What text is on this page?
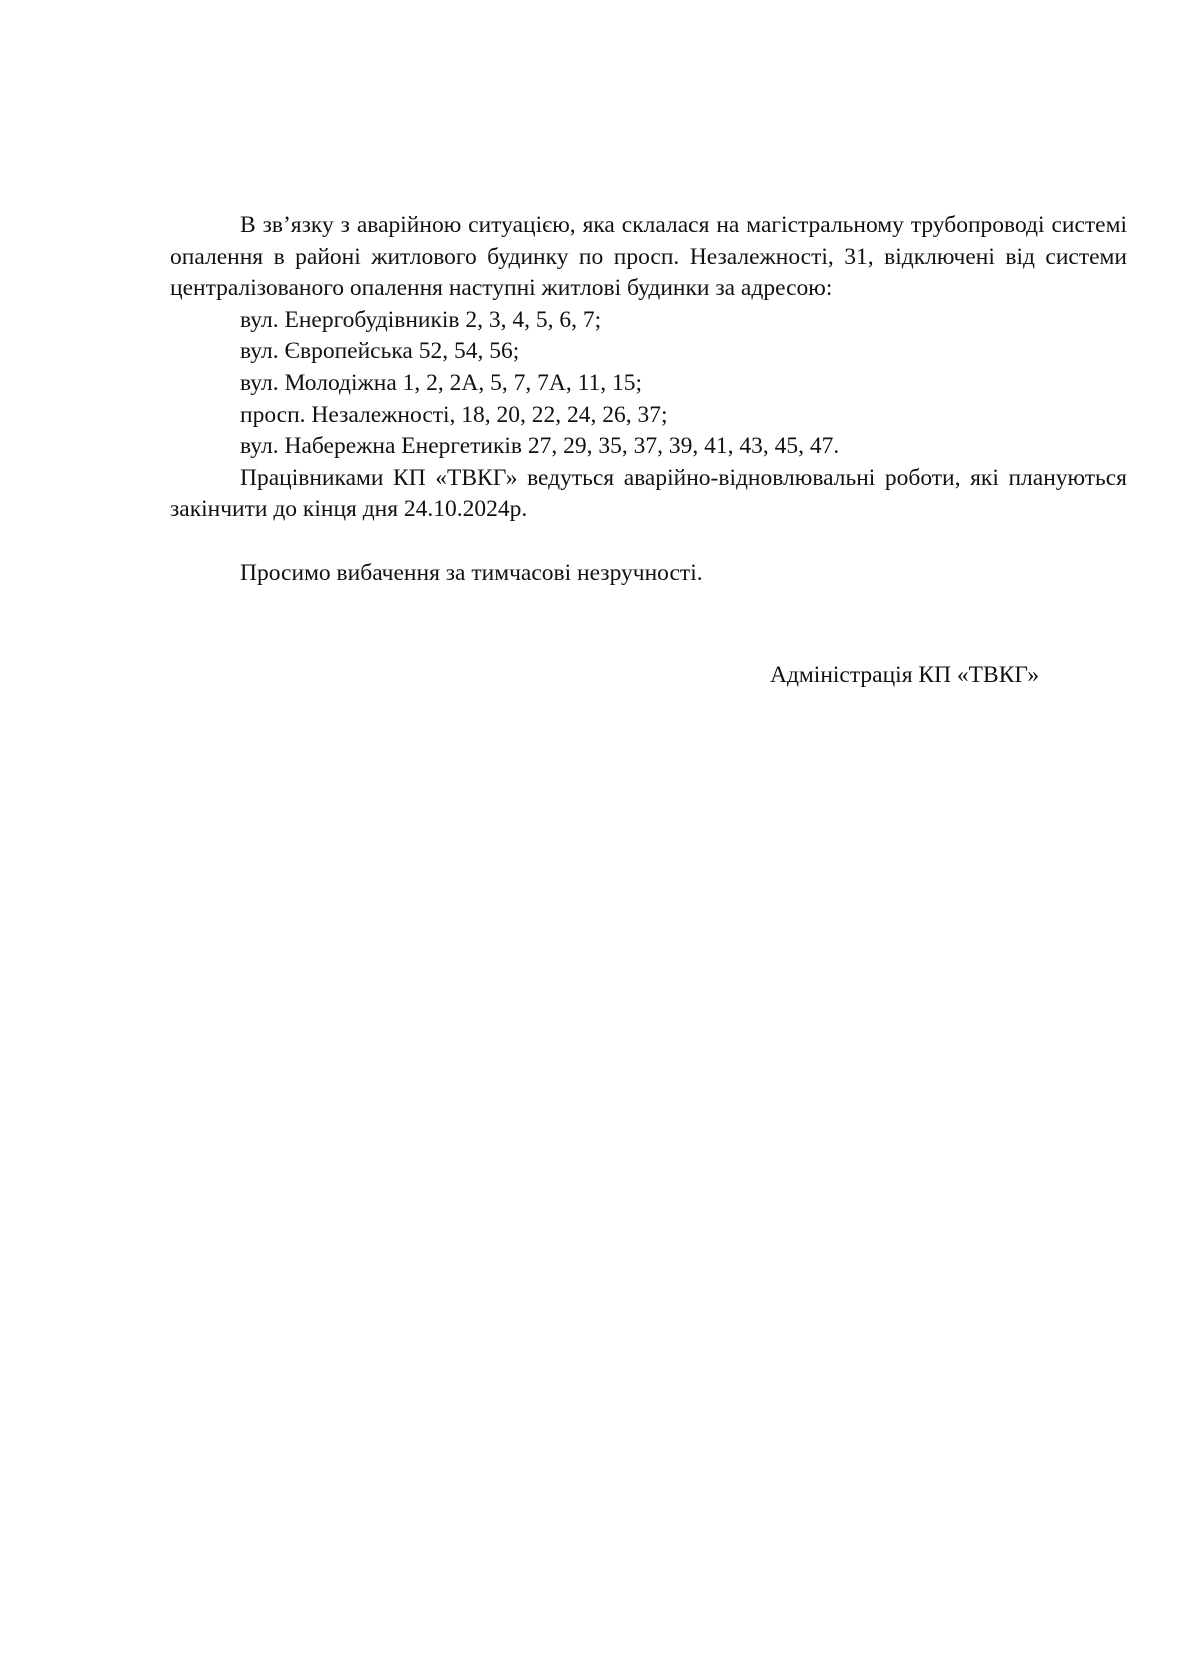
В зв’язку з аварійною ситуацією, яка склалася на магістральному трубопроводі системі опалення в районі житлового будинку по просп. Незалежності, 31, відключені від системи централізованого опалення наступні житлові будинки за адресою:

вул. Енергобудівників 2, 3, 4, 5, 6, 7;

вул. Європейська 52, 54, 56;

вул. Молодіжна 1, 2, 2А, 5, 7, 7А, 11, 15;

просп. Незалежності, 18, 20, 22, 24, 26, 37;

вул. Набережна Енергетиків 27, 29, 35, 37, 39, 41, 43, 45, 47.

Працівниками КП «ТВКГ» ведуться аварійно-відновлювальні роботи, які плануються закінчити до кінця дня 24.10.2024р.

Просимо вибачення за тимчасові незручності.

Адміністрація КП «ТВКГ»
